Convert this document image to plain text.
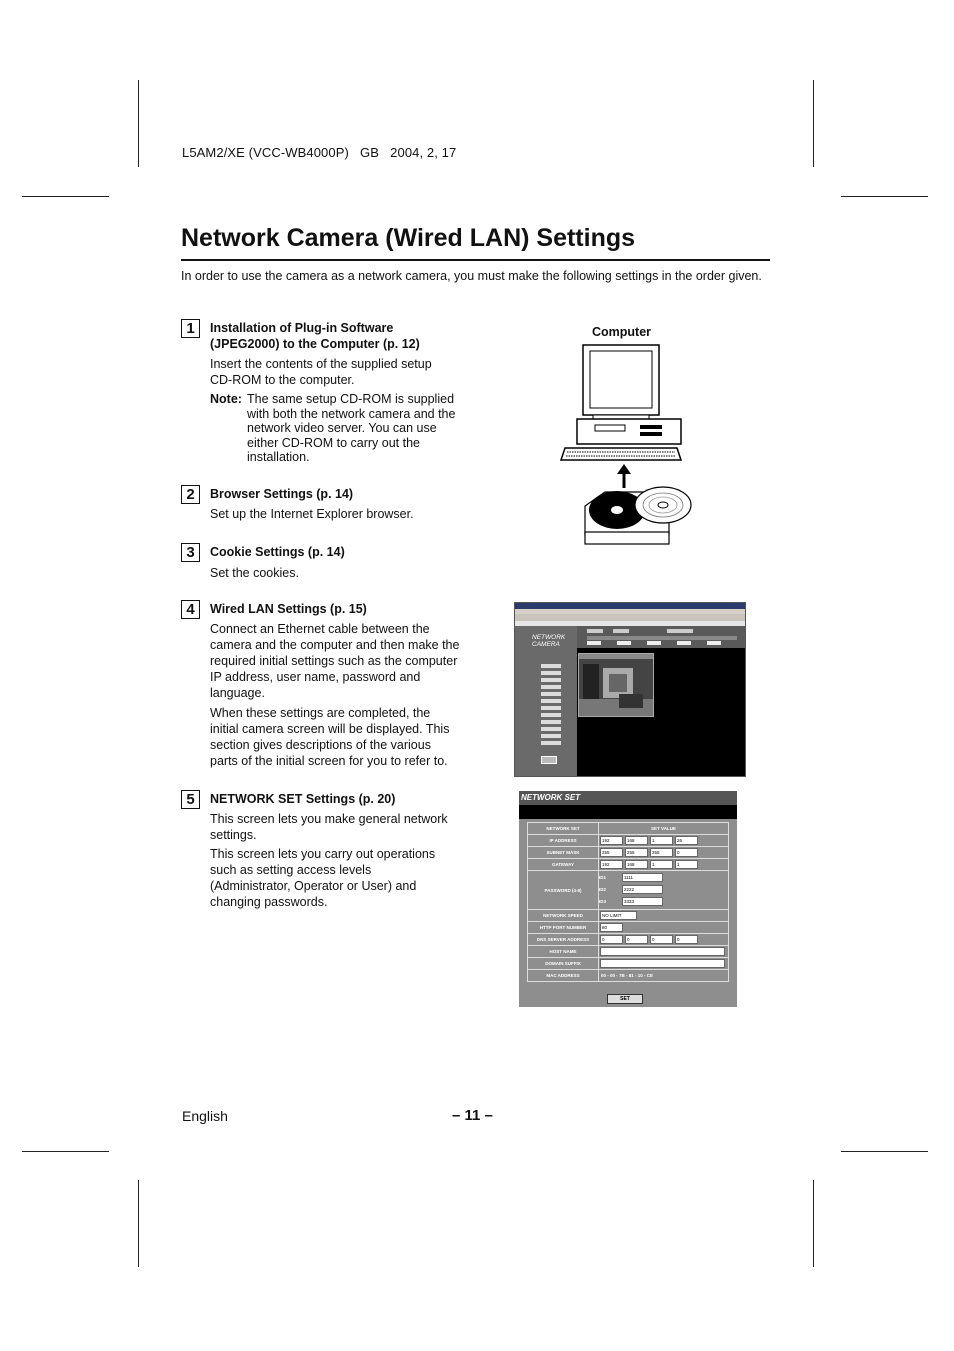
L5AM2/XE (VCC-WB4000P)   GB   2004, 2, 17
Network Camera (Wired LAN) Settings
In order to use the camera as a network camera, you must make the following settings in the order given.
1	Installation of Plug-in Software
(JPEG2000) to the Computer (p. 12)
Insert the contents of the supplied setup
CD-ROM to the computer.
Note: The same setup CD-ROM is supplied with both the network camera and the network video server. You can use either CD-ROM to carry out the installation.
2	Browser Settings (p. 14)
Set up the Internet Explorer browser.
3	Cookie Settings (p. 14)
Set the cookies.
4	Wired LAN Settings (p. 15)
Connect an Ethernet cable between the camera and the computer and then make the required initial settings such as the computer IP address, user name, password and language.
When these settings are completed, the initial camera screen will be displayed. This section gives descriptions of the various parts of the initial screen for you to refer to.
5	NETWORK SET Settings (p. 20)
This screen lets you make general network settings.
This screen lets you carry out operations such as setting access levels (Administrator, Operator or User) and changing passwords.
Computer
NETWORK CAMERA
NETWORK SET
NETWORK SET	SET VALUE
IP ADDRESS	192 168 1 26
SUBNET MASK	255 255 255 0
GATEWAY	192 168 1 1
PASSWORD (4-8)	ID1 1111
ID2 2222
ID3 3333
NETWORK SPEED	NO LIMIT
HTTP PORT NUMBER	80
DNS SERVER ADDRESS	0 0 0 0
HOST NAME	
DOMAIN SUFFIX	
MAC ADDRESS	00 - 00 - 7B - 81 - 10 - CE
SET
English	– 11 –
